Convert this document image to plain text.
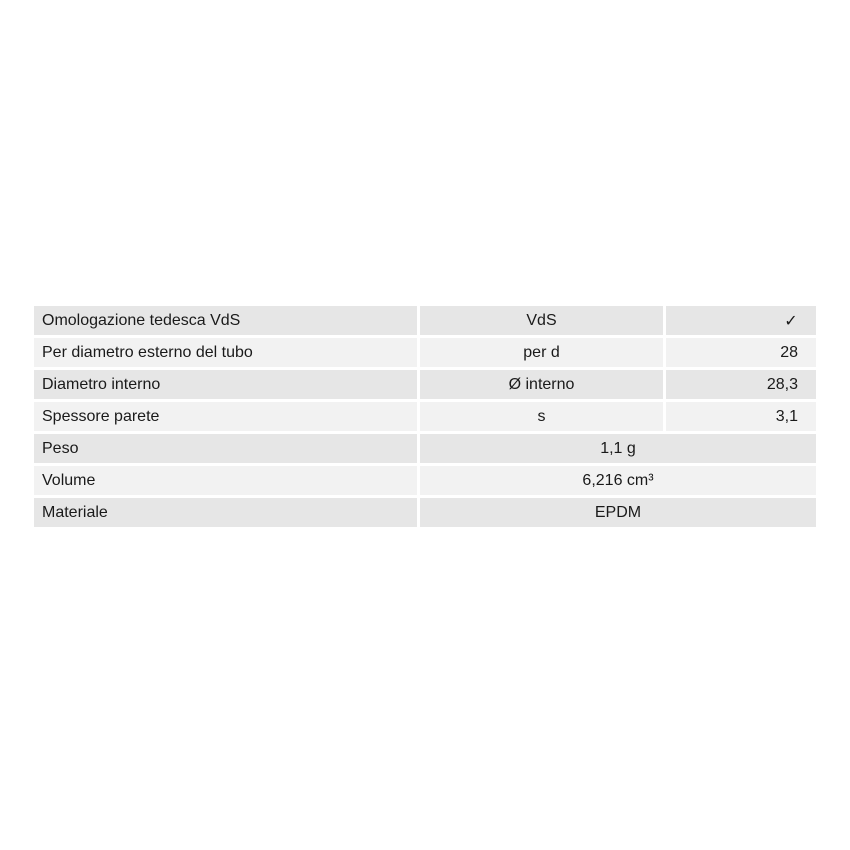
Omologazione tedesca VdS	VdS	✓
Per diametro esterno del tubo	per d	28
Diametro interno	Ø interno	28,3
Spessore parete	s	3,1
Peso	1,1 g	
Volume	6,216 cm³	
Materiale	EPDM	
